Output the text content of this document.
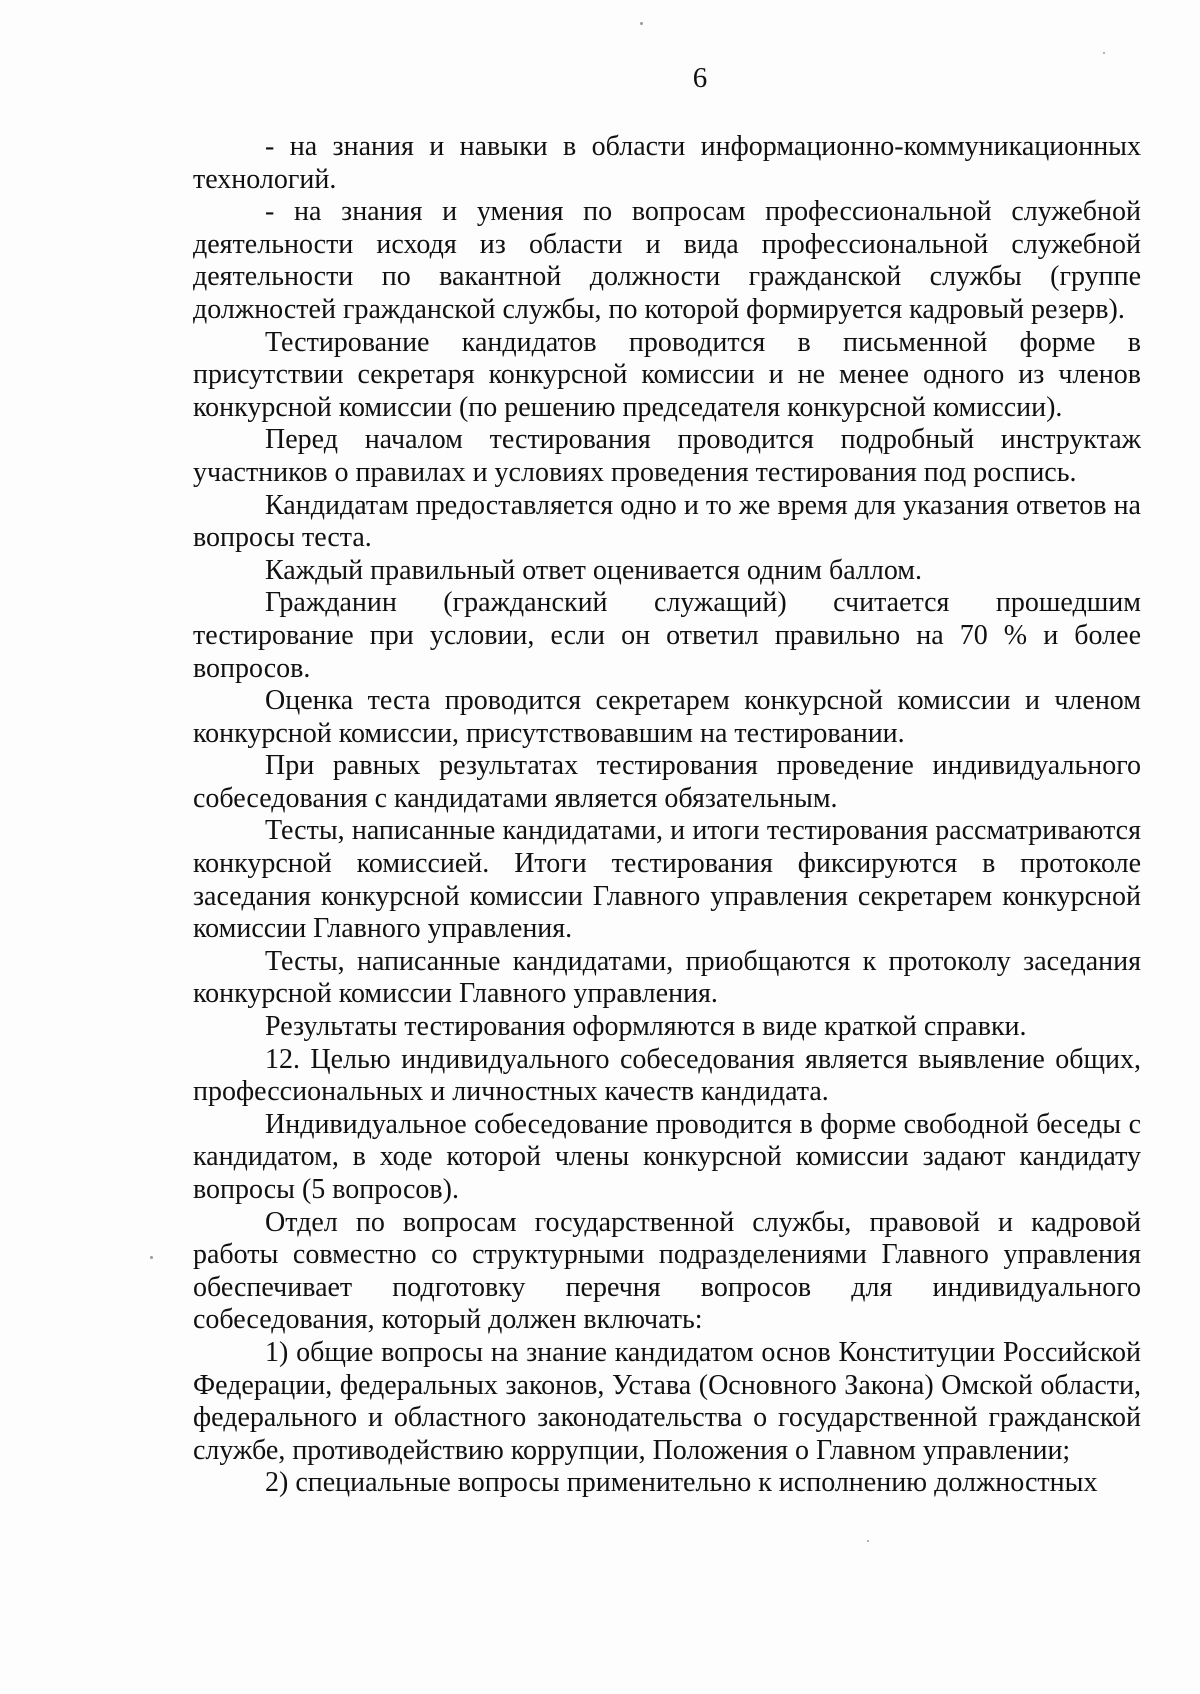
6

- на знания и навыки в области информационно-коммуникационных технологий.

- на знания и умения по вопросам профессиональной служебной деятельности исходя из области и вида профессиональной служебной деятельности по вакантной должности гражданской службы (группе должностей гражданской службы, по которой формируется кадровый резерв).

Тестирование кандидатов проводится в письменной форме в присутствии секретаря конкурсной комиссии и не менее одного из членов конкурсной комиссии (по решению председателя конкурсной комиссии).

Перед началом тестирования проводится подробный инструктаж участников о правилах и условиях проведения тестирования под роспись.

Кандидатам предоставляется одно и то же время для указания ответов на вопросы теста.

Каждый правильный ответ оценивается одним баллом.

Гражданин (гражданский служащий) считается прошедшим тестирование при условии, если он ответил правильно на 70 % и более вопросов.

Оценка теста проводится секретарем конкурсной комиссии и членом конкурсной комиссии, присутствовавшим на тестировании.

При равных результатах тестирования проведение индивидуального собеседования с кандидатами является обязательным.

Тесты, написанные кандидатами, и итоги тестирования рассматриваются конкурсной комиссией. Итоги тестирования фиксируются в протоколе заседания конкурсной комиссии Главного управления секретарем конкурсной комиссии Главного управления.

Тесты, написанные кандидатами, приобщаются к протоколу заседания конкурсной комиссии Главного управления.

Результаты тестирования оформляются в виде краткой справки.

12. Целью индивидуального собеседования является выявление общих, профессиональных и личностных качеств кандидата.

Индивидуальное собеседование проводится в форме свободной беседы с кандидатом, в ходе которой члены конкурсной комиссии задают кандидату вопросы (5 вопросов).

Отдел по вопросам государственной службы, правовой и кадровой работы совместно со структурными подразделениями Главного управления обеспечивает подготовку перечня вопросов для индивидуального собеседования, который должен включать:

1) общие вопросы на знание кандидатом основ Конституции Российской Федерации, федеральных законов, Устава (Основного Закона) Омской области, федерального и областного законодательства о государственной гражданской службе, противодействию коррупции, Положения о Главном управлении;

2) специальные вопросы применительно к исполнению должностных
